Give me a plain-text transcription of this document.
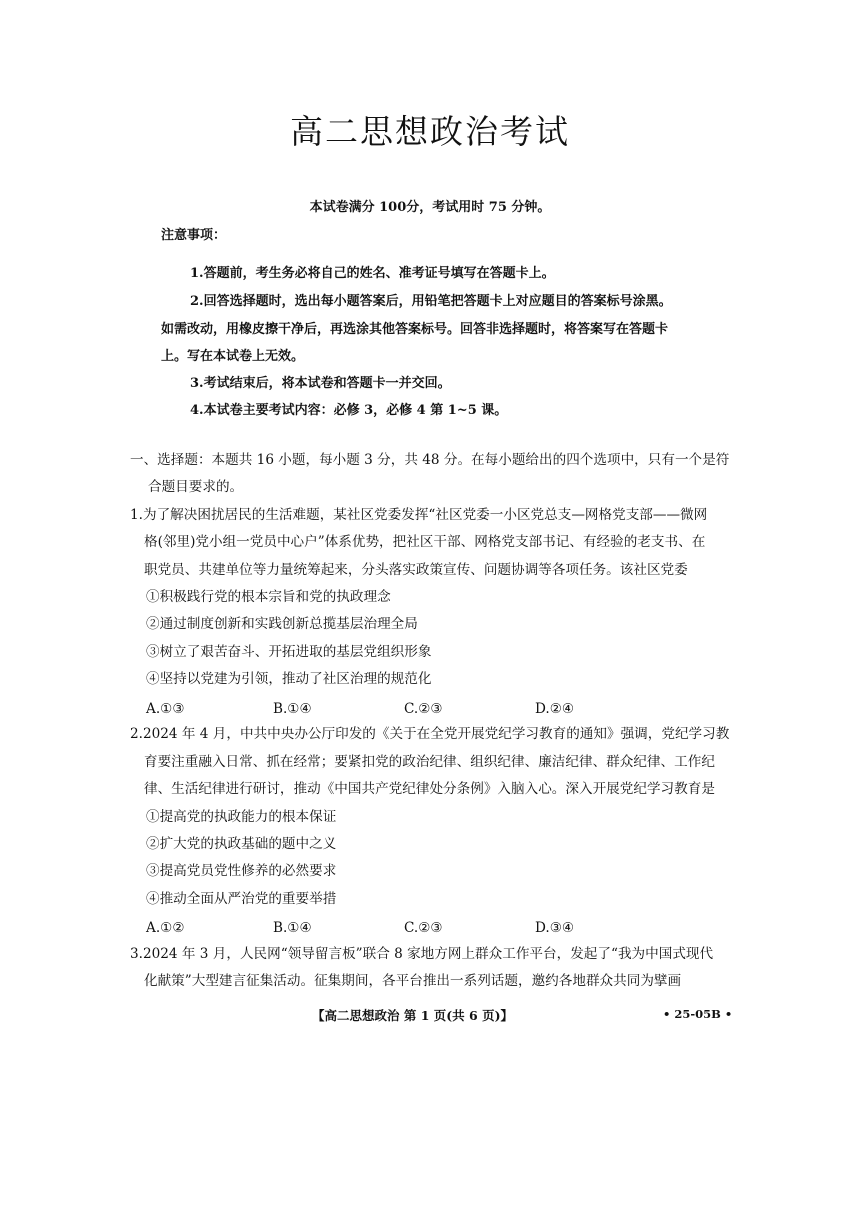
高二思想政治考试
本试卷满分 100分，考试用时 75 分钟。
注意事项：
1.答题前，考生务必将自己的姓名、准考证号填写在答题卡上。
2.回答选择题时，选出每小题答案后，用铅笔把答题卡上对应题目的答案标号涂黑。
如需改动，用橡皮擦干净后，再选涂其他答案标号。回答非选择题时，将答案写在答题卡
上。写在本试卷上无效。
3.考试结束后，将本试卷和答题卡一并交回。
4.本试卷主要考试内容：必修 3，必修 4 第 1~5 课。
一、选择题：本题共 16 小题，每小题 3 分，共 48 分。在每小题给出的四个选项中，只有一个是符
合题目要求的。
1.为了解决困扰居民的生活难题，某社区党委发挥“社区党委一小区党总支—网格党支部——微网
格(邻里)党小组一党员中心户”体系优势，把社区干部、网格党支部书记、有经验的老支书、在
职党员、共建单位等力量统筹起来，分头落实政策宣传、问题协调等各项任务。该社区党委
①积极践行党的根本宗旨和党的执政理念
②通过制度创新和实践创新总揽基层治理全局
③树立了艰苦奋斗、开拓进取的基层党组织形象
④坚持以党建为引领，推动了社区治理的规范化
A.①③	B.①④	C.②③	D.②④
2.2024 年 4 月，中共中央办公厅印发的《关于在全党开展党纪学习教育的通知》强调，党纪学习教
育要注重融入日常、抓在经常；要紧扣党的政治纪律、组织纪律、廉洁纪律、群众纪律、工作纪
律、生活纪律进行研讨，推动《中国共产党纪律处分条例》入脑入心。深入开展党纪学习教育是
①提高党的执政能力的根本保证
②扩大党的执政基础的题中之义
③提高党员党性修养的必然要求
④推动全面从严治党的重要举措
A.①②	B.①④	C.②③	D.③④
3.2024 年 3 月，人民网“领导留言板”联合 8 家地方网上群众工作平台，发起了“我为中国式现代
化献策”大型建言征集活动。征集期间，各平台推出一系列话题，邀约各地群众共同为擘画
【高二思想政治 第 1 页(共 6 页)】	• 25-05B •
